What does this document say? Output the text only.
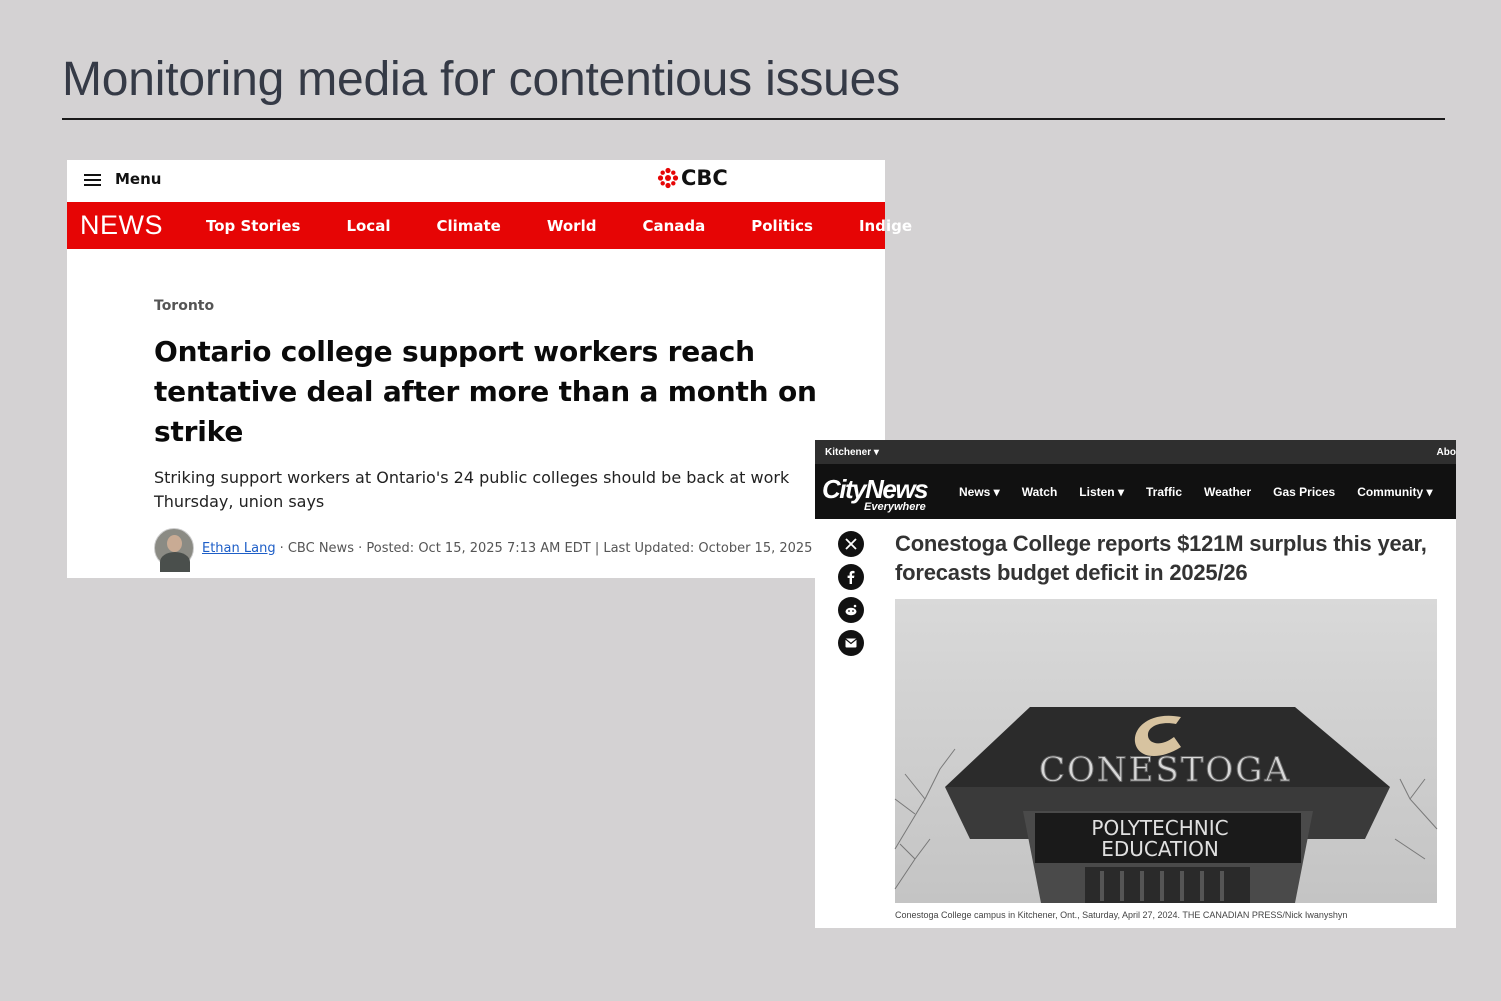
Monitoring media for contentious issues
Menu	CBC
NEWS	Top Stories	Local	Climate	World	Canada	Politics	Indige
Toronto
Ontario college support workers reach tentative deal after more than a month on strike
Striking support workers at Ontario's 24 public colleges should be back at work Thursday, union says
Ethan Lang · CBC News · Posted: Oct 15, 2025 7:13 AM EDT | Last Updated: October 15, 2025
Kitchener ▾	Abo
CityNews
Everywhere
News ▾ Watch Listen ▾ Traffic Weather Gas Prices Community ▾
Conestoga College reports $121M surplus this year, forecasts budget deficit in 2025/26
CONESTOGA
POLYTECHNIC
EDUCATION
Conestoga College campus in Kitchener, Ont., Saturday, April 27, 2024. THE CANADIAN PRESS/Nick Iwanyshyn
